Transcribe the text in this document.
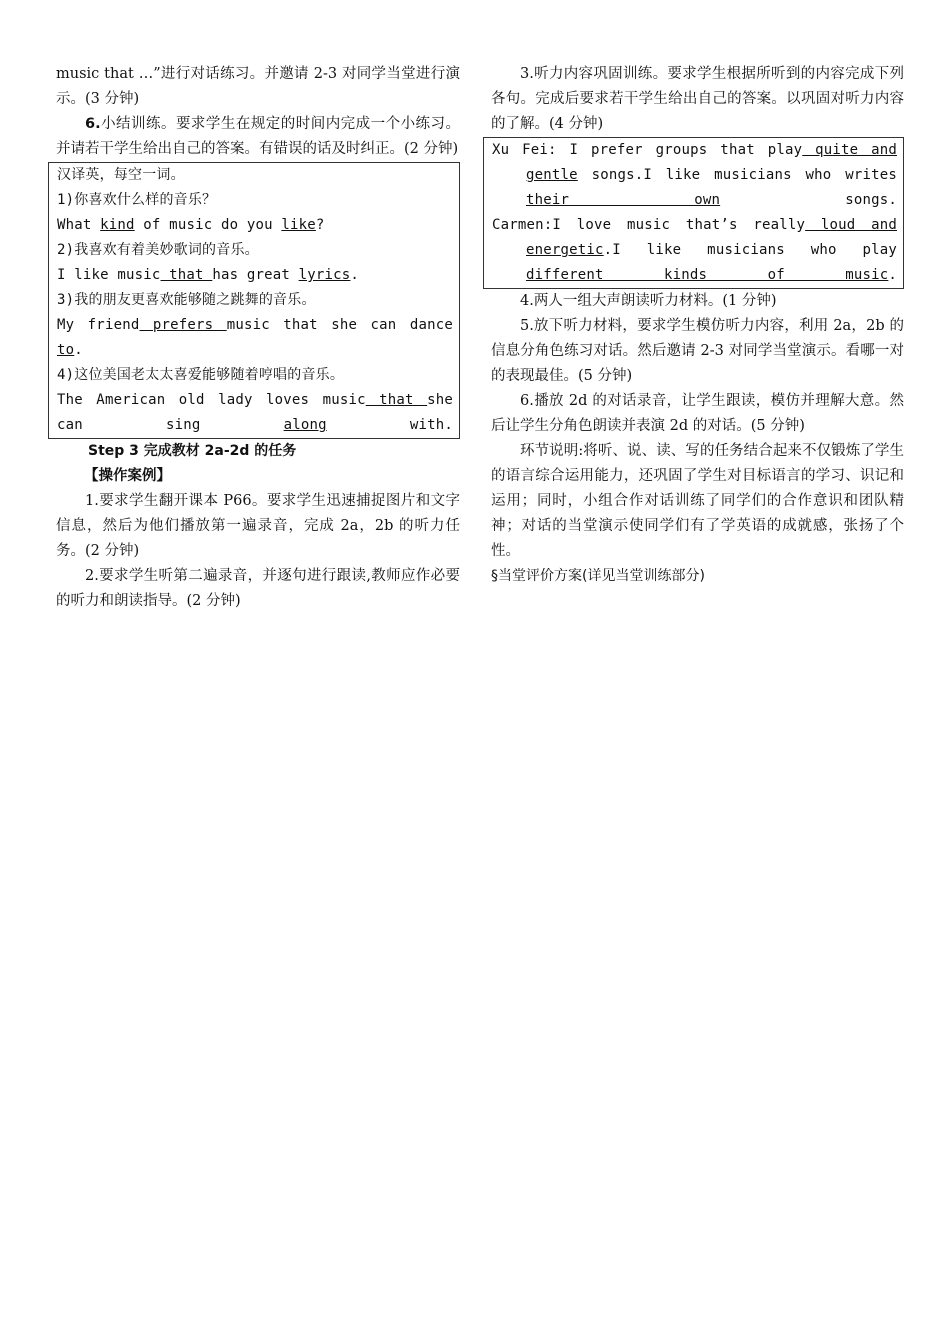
music that …”进行对话练习。并邀请 2-3 对同学当堂进行演示。(3 分钟)

6.小结训练。要求学生在规定的时间内完成一个小练习。并请若干学生给出自己的答案。有错误的话及时纠正。(2 分钟)

汉译英，每空一词。

1)你喜欢什么样的音乐？

What kind of music do you like?

2)我喜欢有着美妙歌词的音乐。

I like music that has great lyrics.

3)我的朋友更喜欢能够随之跳舞的音乐。

My friend prefers music that she can dance to.

4)这位美国老太太喜爱能够随着哼唱的音乐。

The American old lady loves music that she can sing along with.

Step 3 完成教材 2a-2d 的任务

【操作案例】

1.要求学生翻开课本 P66。要求学生迅速捕捉图片和文字信息，然后为他们播放第一遍录音，完成 2a，2b 的听力任务。(2 分钟)

2.要求学生听第二遍录音，并逐句进行跟读,教师应作必要的听力和朗读指导。(2 分钟)

3.听力内容巩固训练。要求学生根据所听到的内容完成下列各句。完成后要求若干学生给出自己的答案。以巩固对听力内容的了解。(4 分钟)

Xu Fei: I prefer groups that play quite and gentle songs.I like musicians who writes their own songs.

Carmen:I love music that’s really loud and energetic.I like musicians who play different kinds of music.

4.两人一组大声朗读听力材料。(1 分钟)

5.放下听力材料，要求学生模仿听力内容，利用 2a，2b 的信息分角色练习对话。然后邀请 2-3 对同学当堂演示。看哪一对的表现最佳。(5 分钟)

6.播放 2d 的对话录音，让学生跟读，模仿并理解大意。然后让学生分角色朗读并表演 2d 的对话。(5 分钟)

环节说明:将听、说、读、写的任务结合起来不仅锻炼了学生的语言综合运用能力，还巩固了学生对目标语言的学习、识记和运用；同时，小组合作对话训练了同学们的合作意识和团队精神；对话的当堂演示使同学们有了学英语的成就感，张扬了个性。

§当堂评价方案(详见当堂训练部分)
